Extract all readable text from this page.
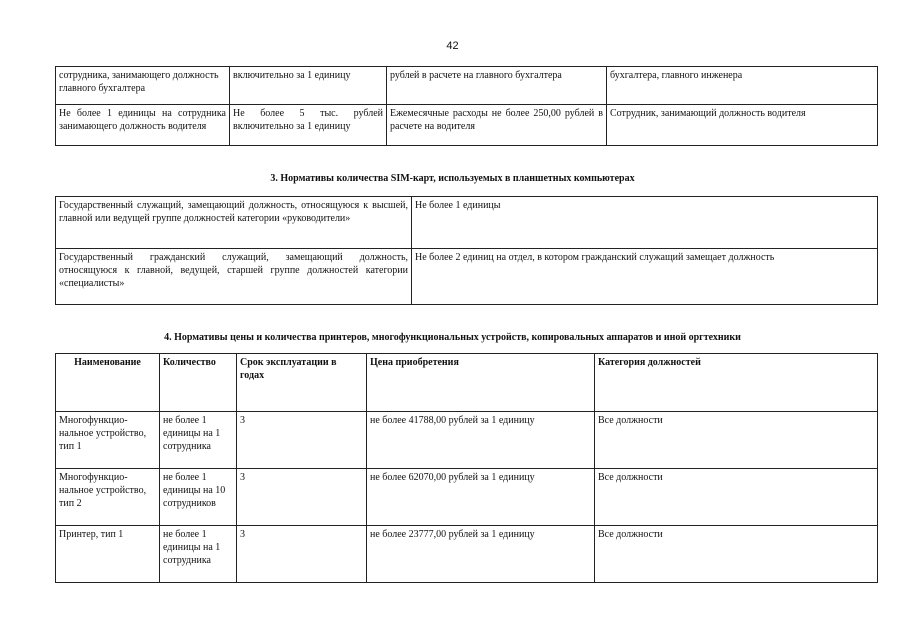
42
сотрудника, занимающего должность главного бухгалтера	включительно за 1 единицу	рублей в расчете на главного бухгалтера	бухгалтера, главного инженера
Не более 1 единицы на сотрудника занимающего должность водителя	Не более 5 тыс. рублей включительно за 1 единицу	Ежемесячные расходы не более 250,00 рублей в расчете на водителя	Сотрудник, занимающий должность водителя
3. Нормативы количества SIM-карт, используемых в планшетных компьютерах
Государственный служащий, замещающий должность, относящуюся к высшей, главной или ведущей группе должностей категории «руководители»	Не более 1 единицы
Государственный гражданский служащий, замещающий должность, относящуюся к главной, ведущей, старшей группе должностей категории «специалисты»	Не более 2 единиц на отдел, в котором гражданский служащий замещает должность
4. Нормативы цены и количества принтеров, многофункциональных устройств, копировальных аппаратов и иной оргтехники
Наименование	Количество	Срок эксплуатации в годах	Цена приобретения	Категория должностей
Многофункцио-нальное устройство, тип 1	не более 1 единицы на 1 сотрудника	3	не более 41788,00 рублей за 1 единицу	Все должности
Многофункцио-нальное устройство, тип 2	не более 1 единицы на 10 сотрудников	3	не более 62070,00 рублей за 1 единицу	Все должности
Принтер, тип 1	не более 1 единицы на 1 сотрудника	3	не более 23777,00 рублей за 1 единицу	Все должности
